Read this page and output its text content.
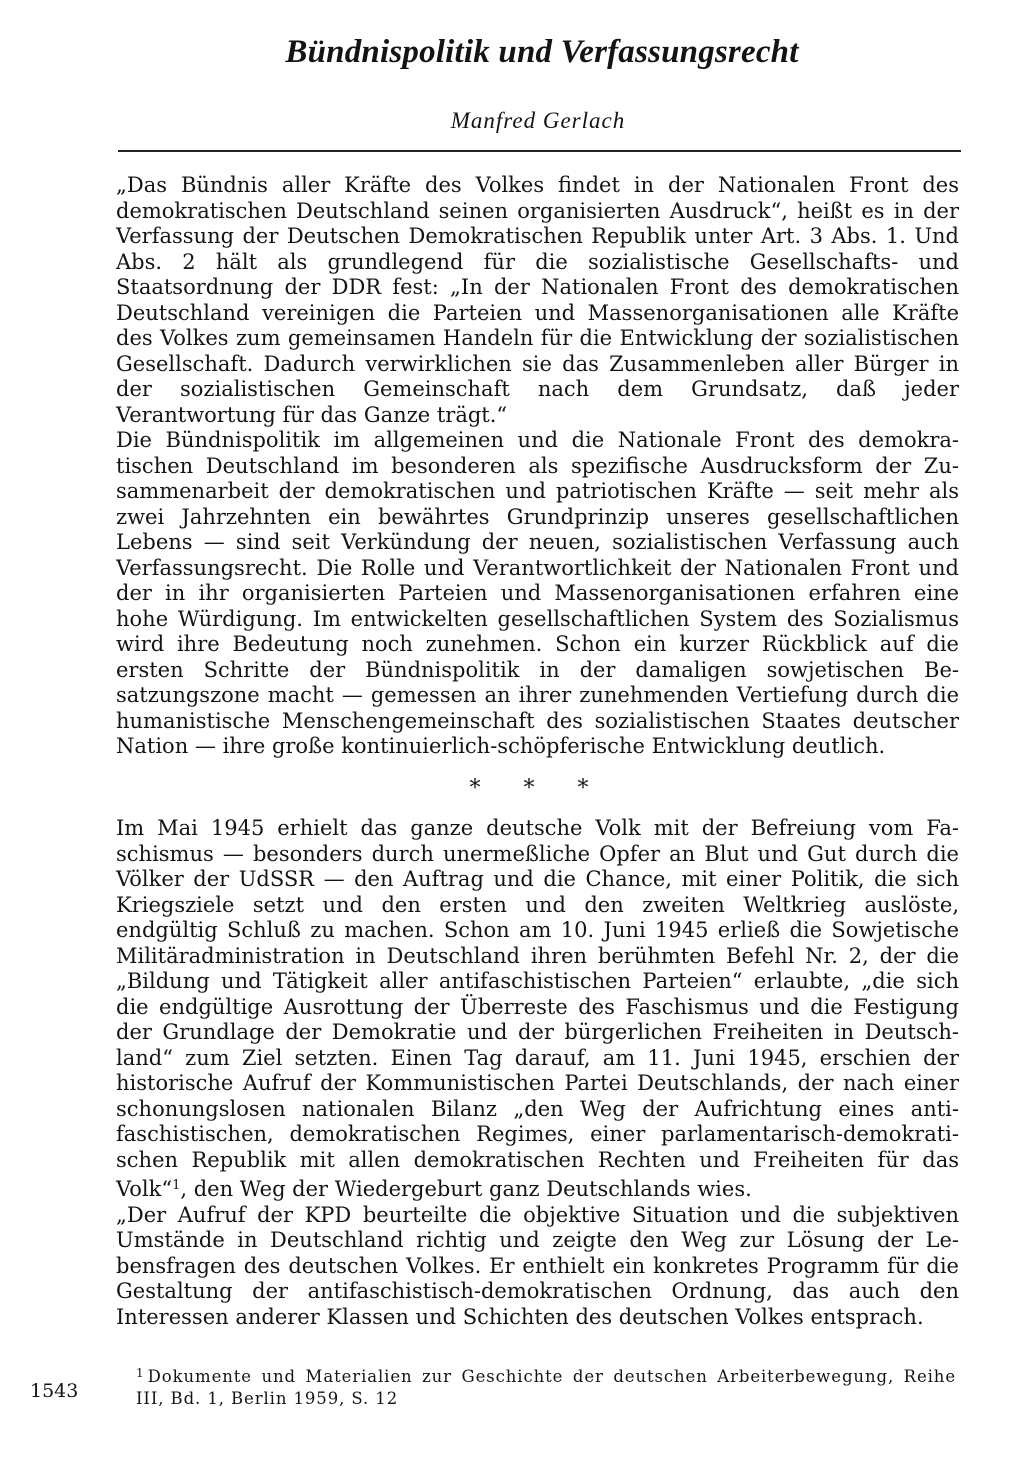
Bündnispolitik und Verfassungsrecht
Manfred Gerlach

„Das Bündnis aller Kräfte des Volkes findet in der Nationalen Front des demokratischen Deutschland seinen organisierten Ausdruck“, heißt es in der Verfassung der Deutschen Demokratischen Republik unter Art. 3 Abs. 1. Und Abs. 2 hält als grundlegend für die sozialistische Gesellschafts- und Staatsordnung der DDR fest: „In der Nationalen Front des demokratischen Deutschland vereinigen die Parteien und Massenorganisationen alle Kräfte des Volkes zum gemeinsamen Handeln für die Entwicklung der sozialistischen Gesellschaft. Dadurch verwirklichen sie das Zusammenleben aller Bürger in der sozialistischen Gemeinschaft nach dem Grundsatz, daß jeder Verantwortung für das Ganze trägt.“

Die Bündnispolitik im allgemeinen und die Nationale Front des demokratischen Deutschland im besonderen als spezifische Ausdrucksform der Zusammenarbeit der demokratischen und patriotischen Kräfte — seit mehr als zwei Jahrzehnten ein bewährtes Grundprinzip unseres gesellschaftlichen Lebens — sind seit Verkündung der neuen, sozialistischen Verfassung auch Verfassungsrecht. Die Rolle und Verantwortlichkeit der Nationalen Front und der in ihr organisierten Parteien und Massenorganisationen erfahren eine hohe Würdigung. Im entwickelten gesellschaftlichen System des Sozialismus wird ihre Bedeutung noch zunehmen. Schon ein kurzer Rückblick auf die ersten Schritte der Bündnispolitik in der damaligen sowjetischen Besatzungszone macht — gemessen an ihrer zunehmenden Vertiefung durch die humanistische Menschengemeinschaft des sozialistischen Staates deutscher Nation — ihre große kontinuierlich-schöpferische Entwicklung deutlich.

* * *

Im Mai 1945 erhielt das ganze deutsche Volk mit der Befreiung vom Faschismus — besonders durch unermeßliche Opfer an Blut und Gut durch die Völker der UdSSR — den Auftrag und die Chance, mit einer Politik, die sich Kriegsziele setzt und den ersten und den zweiten Weltkrieg auslöste, endgültig Schluß zu machen. Schon am 10. Juni 1945 erließ die Sowjetische Militäradministration in Deutschland ihren berühmten Befehl Nr. 2, der die „Bildung und Tätigkeit aller antifaschistischen Parteien“ erlaubte, „die sich die endgültige Ausrottung der Überreste des Faschismus und die Festigung der Grundlage der Demokratie und der bürgerlichen Freiheiten in Deutschland“ zum Ziel setzten. Einen Tag darauf, am 11. Juni 1945, erschien der historische Aufruf der Kommunistischen Partei Deutschlands, der nach einer schonungslosen nationalen Bilanz „den Weg der Aufrichtung eines antifaschistischen, demokratischen Regimes, einer parlamentarisch-demokratischen Republik mit allen demokratischen Rechten und Freiheiten für das Volk“$^1$, den Weg der Wiedergeburt ganz Deutschlands wies.

„Der Aufruf der KPD beurteilte die objektive Situation und die subjektiven Umstände in Deutschland richtig und zeigte den Weg zur Lösung der Lebensfragen des deutschen Volkes. Er enthielt ein konkretes Programm für die Gestaltung der antifaschistisch-demokratischen Ordnung, das auch den Interessen anderer Klassen und Schichten des deutschen Volkes entsprach.

$^1$ Dokumente und Materialien zur Geschichte der deutschen Arbeiterbewegung, Reihe III, Bd. 1, Berlin 1959, S. 12
1543
